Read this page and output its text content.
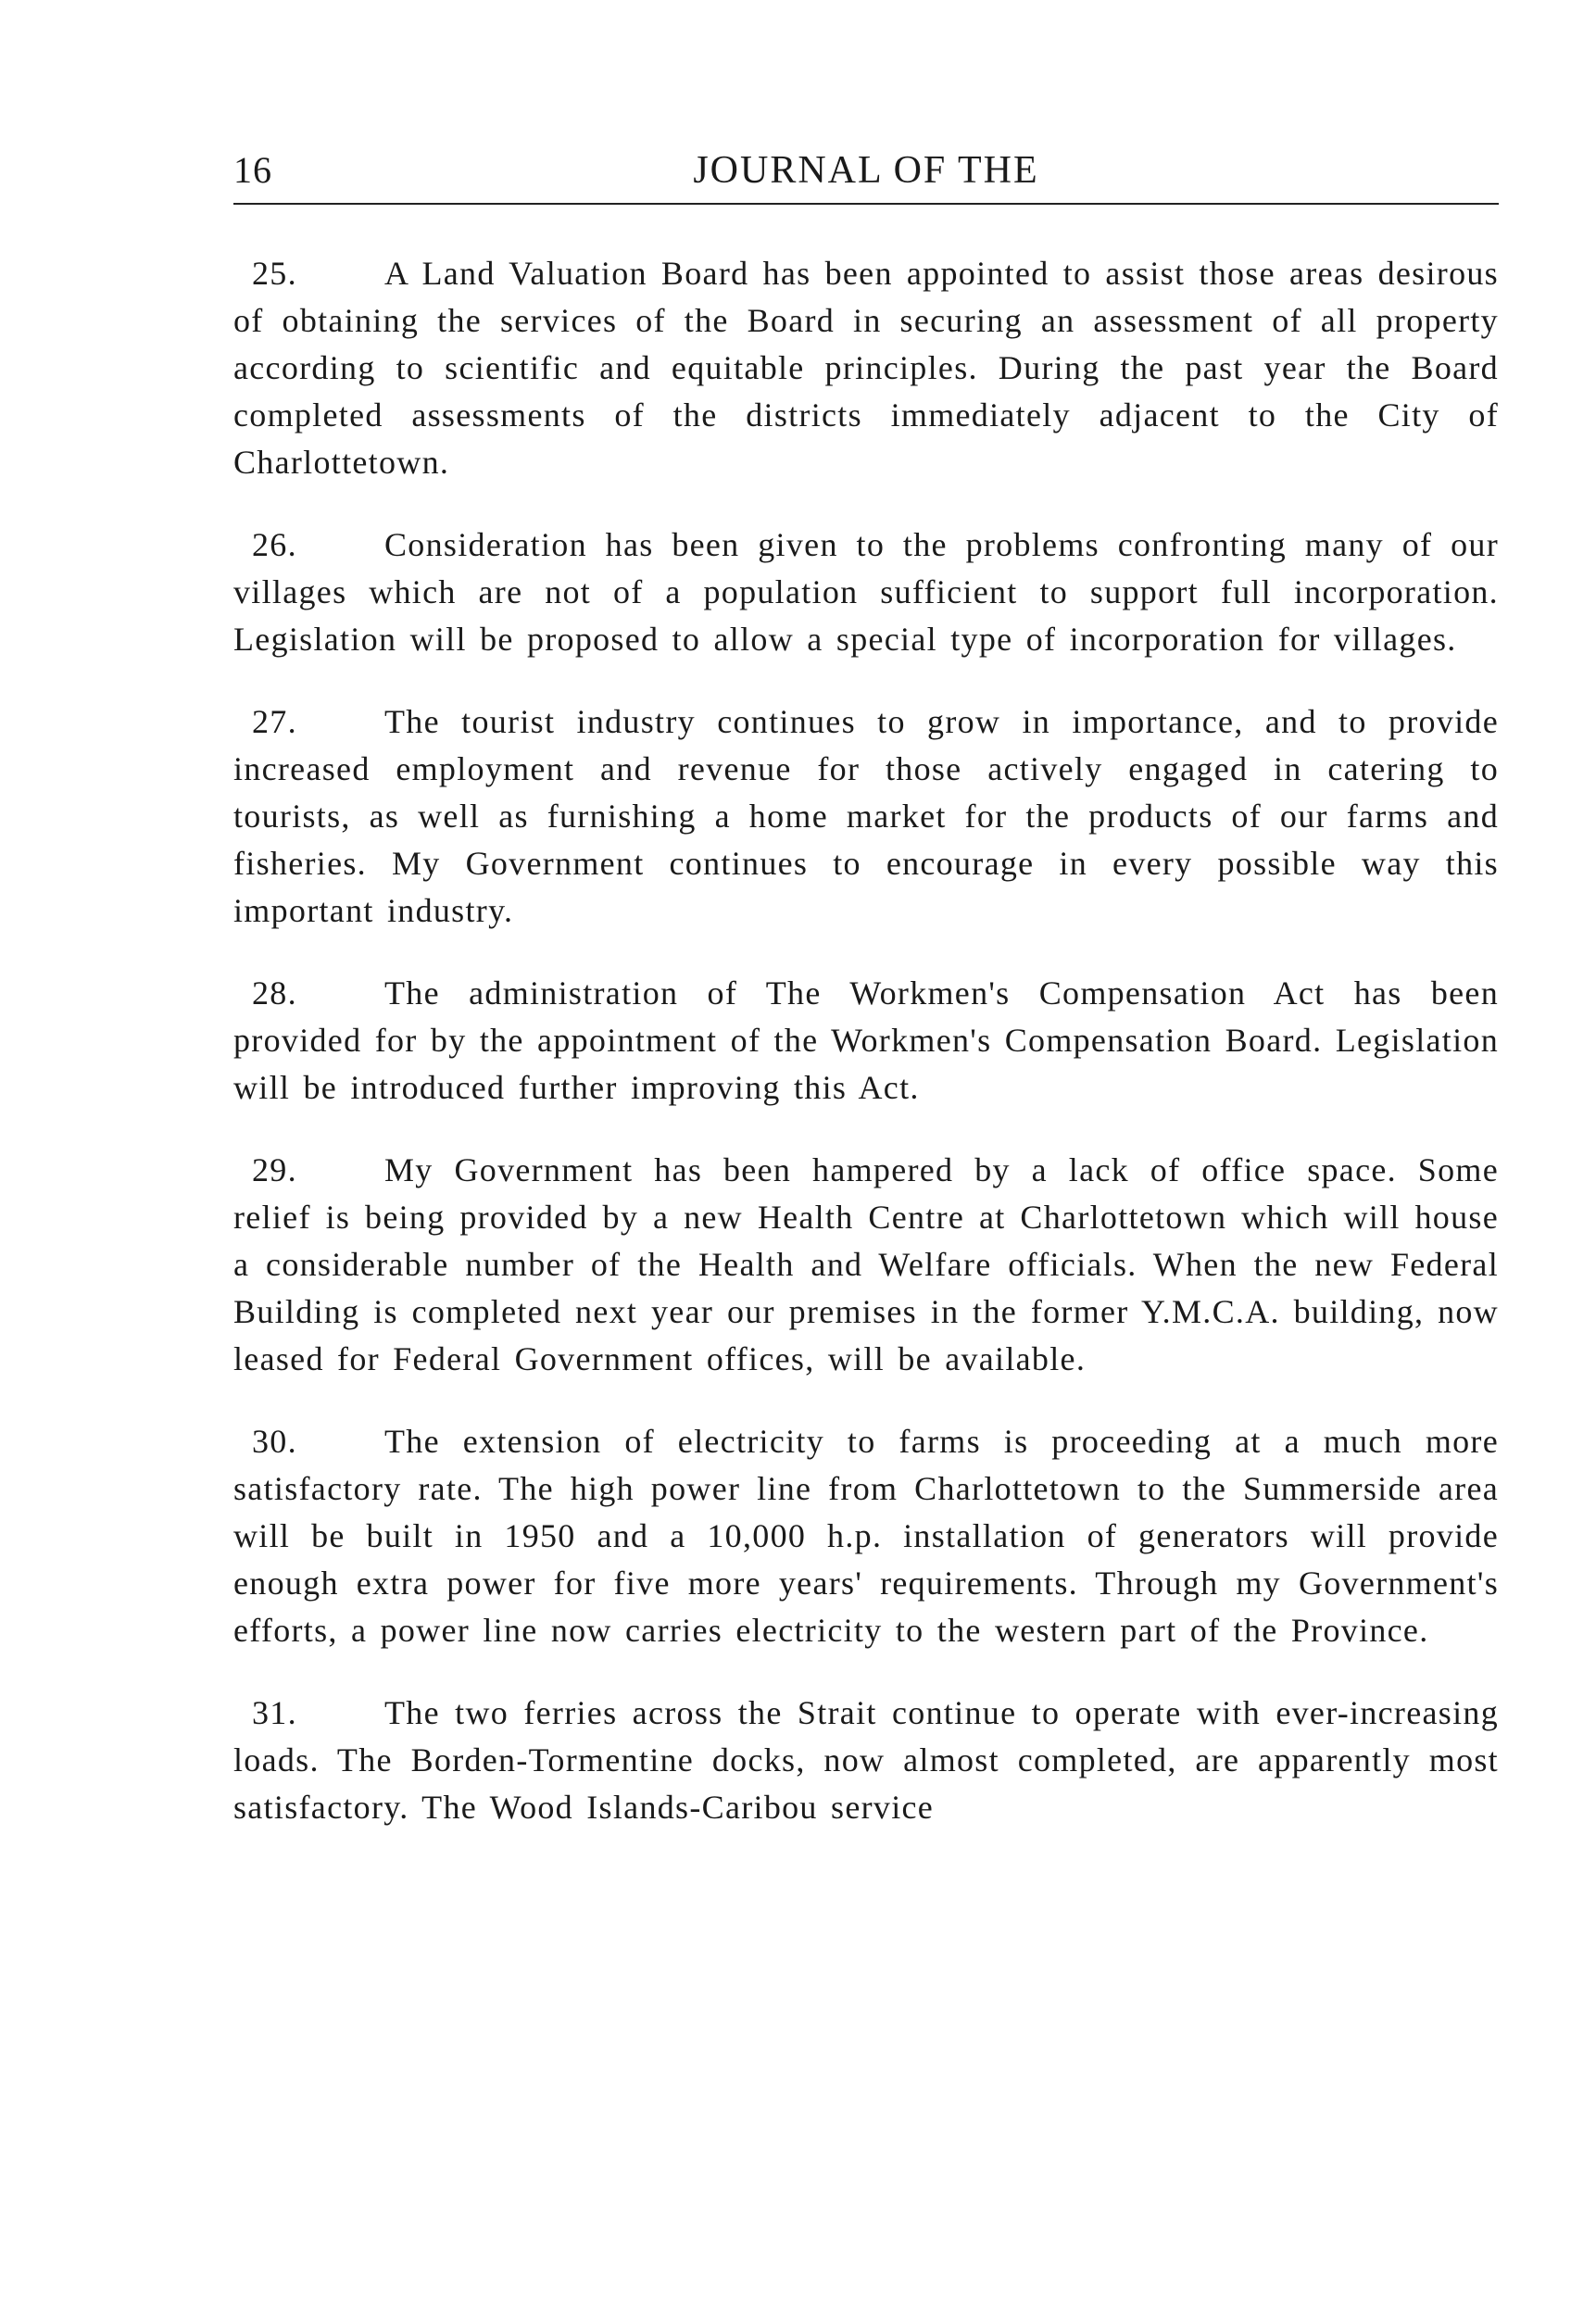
16	JOURNAL OF THE

25.	A Land Valuation Board has been appointed to assist those areas desirous of obtaining the services of the Board in securing an assessment of all property according to scientific and equitable principles. During the past year the Board completed assessments of the districts immediately adjacent to the City of Charlottetown.

26.	Consideration has been given to the problems confronting many of our villages which are not of a population sufficient to support full incorporation. Legislation will be proposed to allow a special type of incorporation for villages.

27.	The tourist industry continues to grow in importance, and to provide increased employment and revenue for those actively engaged in catering to tourists, as well as furnishing a home market for the products of our farms and fisheries. My Government continues to encourage in every possible way this important industry.

28.	The administration of The Workmen's Compensation Act has been provided for by the appointment of the Workmen's Compensation Board. Legislation will be introduced further improving this Act.

29.	My Government has been hampered by a lack of office space. Some relief is being provided by a new Health Centre at Charlottetown which will house a considerable number of the Health and Welfare officials. When the new Federal Building is completed next year our premises in the former Y.M.C.A. building, now leased for Federal Government offices, will be available.

30.	The extension of electricity to farms is proceeding at a much more satisfactory rate. The high power line from Charlottetown to the Summerside area will be built in 1950 and a 10,000 h.p. installation of generators will provide enough extra power for five more years' requirements. Through my Government's efforts, a power line now carries electricity to the western part of the Province.

31.	The two ferries across the Strait continue to operate with ever-increasing loads. The Borden-Tormentine docks, now almost completed, are apparently most satisfactory. The Wood Islands-Caribou service
